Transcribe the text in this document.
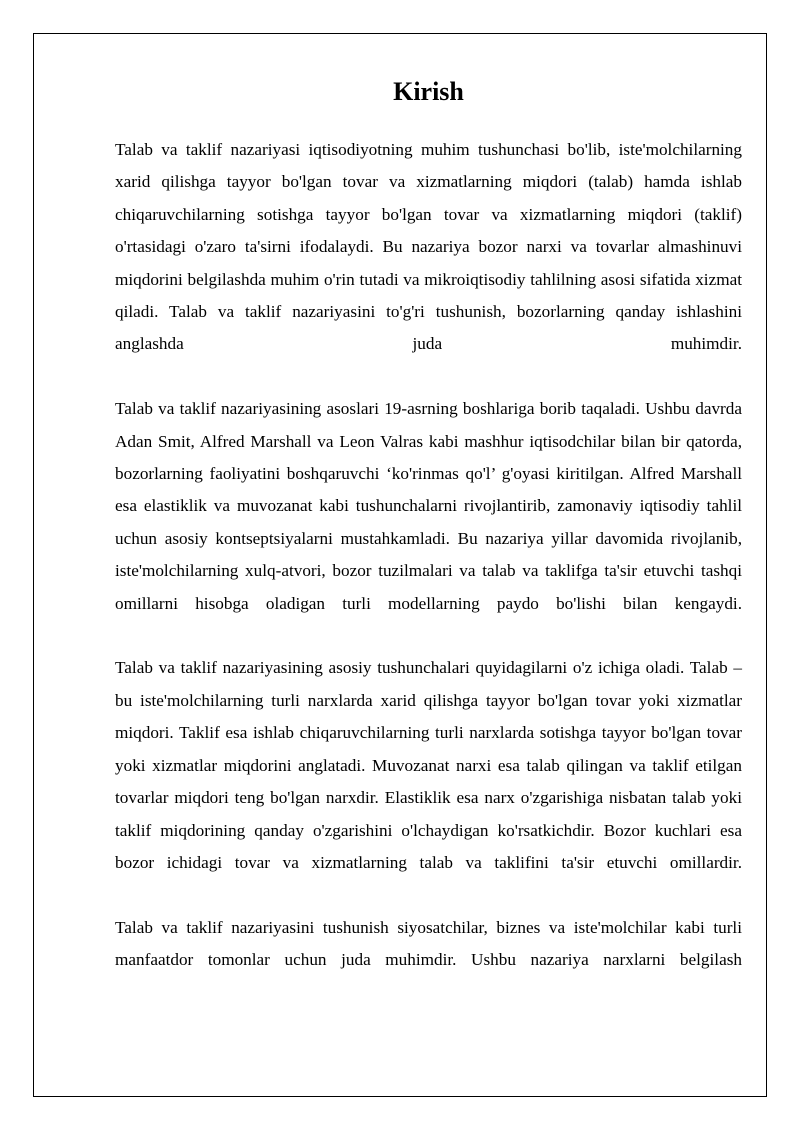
Kirish

Talab va taklif nazariyasi iqtisodiyotning muhim tushunchasi bo'lib, iste'molchilarning xarid qilishga tayyor bo'lgan tovar va xizmatlarning miqdori (talab) hamda ishlab chiqaruvchilarning sotishga tayyor bo'lgan tovar va xizmatlarning miqdori (taklif) o'rtasidagi o'zaro ta'sirni ifodalaydi. Bu nazariya bozor narxi va tovarlar almashinuvi miqdorini belgilashda muhim o'rin tutadi va mikroiqtisodiy tahlilning asosi sifatida xizmat qiladi. Talab va taklif nazariyasini to'g'ri tushunish, bozorlarning qanday ishlashini anglashda juda muhimdir.

Talab va taklif nazariyasining asoslari 19-asrning boshlariga borib taqaladi. Ushbu davrda Adan Smit, Alfred Marshall va Leon Valras kabi mashhur iqtisodchilar bilan bir qatorda, bozorlarning faoliyatini boshqaruvchi ‘ko'rinmas qo'l’ g'oyasi kiritilgan. Alfred Marshall esa elastiklik va muvozanat kabi tushunchalarni rivojlantirib, zamonaviy iqtisodiy tahlil uchun asosiy kontseptsiyalarni mustahkamladi. Bu nazariya yillar davomida rivojlanib, iste'molchilarning xulq-atvori, bozor tuzilmalari va talab va taklifga ta'sir etuvchi tashqi omillarni hisobga oladigan turli modellarning paydo bo'lishi bilan kengaydi.

Talab va taklif nazariyasining asosiy tushunchalari quyidagilarni o'z ichiga oladi. Talab – bu iste'molchilarning turli narxlarda xarid qilishga tayyor bo'lgan tovar yoki xizmatlar miqdori. Taklif esa ishlab chiqaruvchilarning turli narxlarda sotishga tayyor bo'lgan tovar yoki xizmatlar miqdorini anglatadi. Muvozanat narxi esa talab qilingan va taklif etilgan tovarlar miqdori teng bo'lgan narxdir. Elastiklik esa narx o'zgarishiga nisbatan talab yoki taklif miqdorining qanday o'zgarishini o'lchaydigan ko'rsatkichdir. Bozor kuchlari esa bozor ichidagi tovar va xizmatlarning talab va taklifini ta'sir etuvchi omillardir.

Talab va taklif nazariyasini tushunish siyosatchilar, biznes va iste'molchilar kabi turli manfaatdor tomonlar uchun juda muhimdir. Ushbu nazariya narxlarni belgilash
